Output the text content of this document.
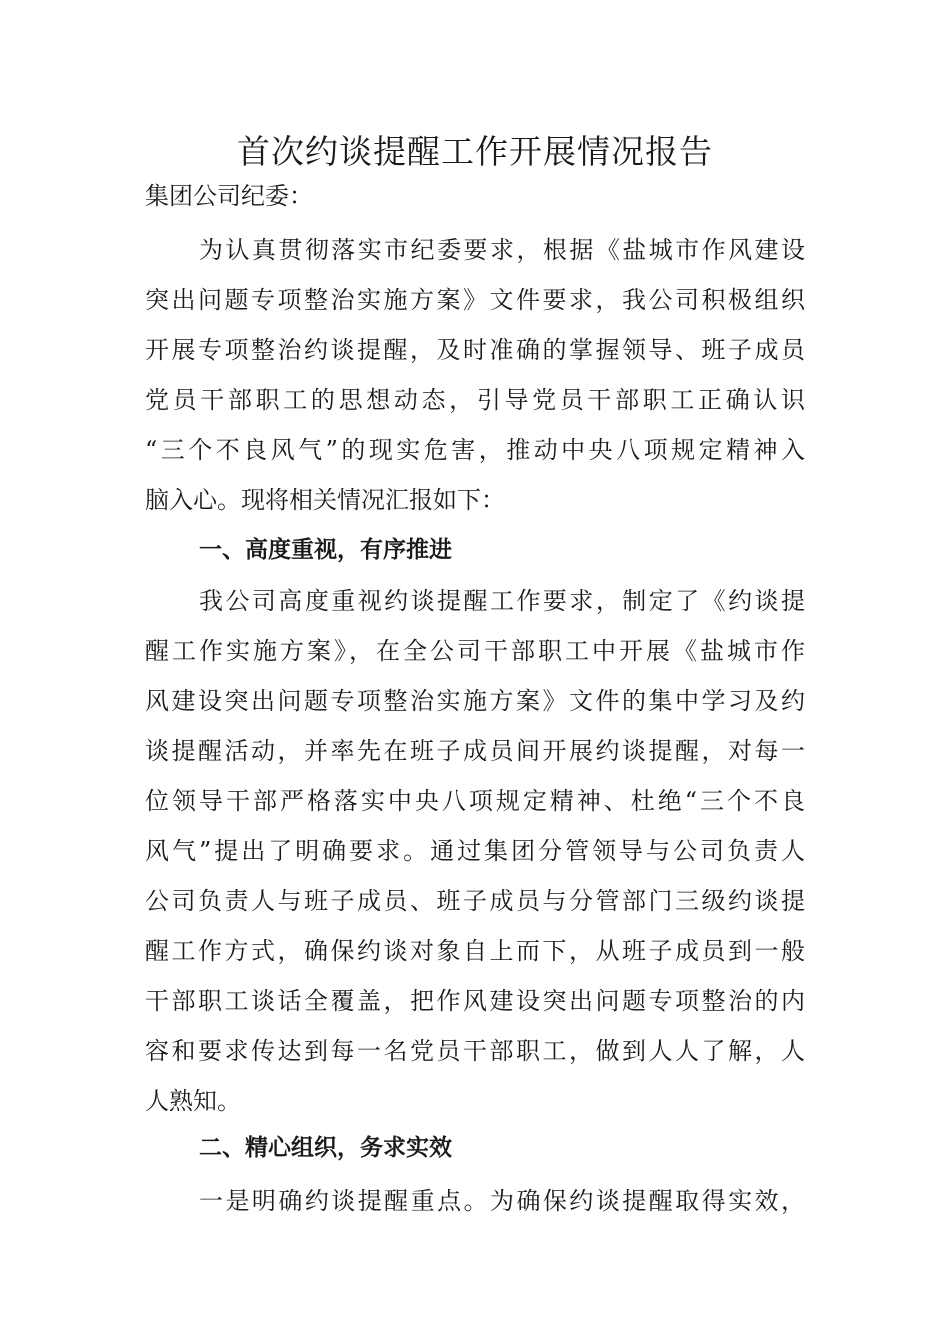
首次约谈提醒工作开展情况报告

集团公司纪委：

为认真贯彻落实市纪委要求，根据《盐城市作风建设

突出问题专项整治实施方案》文件要求，我公司积极组织

开展专项整治约谈提醒，及时准确的掌握领导、班子成员

党员干部职工的思想动态，引导党员干部职工正确认识

“三个不良风气”的现实危害，推动中央八项规定精神入

脑入心。现将相关情况汇报如下：

一、高度重视，有序推进

我公司高度重视约谈提醒工作要求，制定了《约谈提

醒工作实施方案》，在全公司干部职工中开展《盐城市作

风建设突出问题专项整治实施方案》文件的集中学习及约

谈提醒活动，并率先在班子成员间开展约谈提醒，对每一

位领导干部严格落实中央八项规定精神、杜绝“三个不良

风气”提出了明确要求。通过集团分管领导与公司负责人

公司负责人与班子成员、班子成员与分管部门三级约谈提

醒工作方式，确保约谈对象自上而下，从班子成员到一般

干部职工谈话全覆盖，把作风建设突出问题专项整治的内

容和要求传达到每一名党员干部职工，做到人人了解，人

人熟知。

二、精心组织，务求实效

一是明确约谈提醒重点。为确保约谈提醒取得实效，
